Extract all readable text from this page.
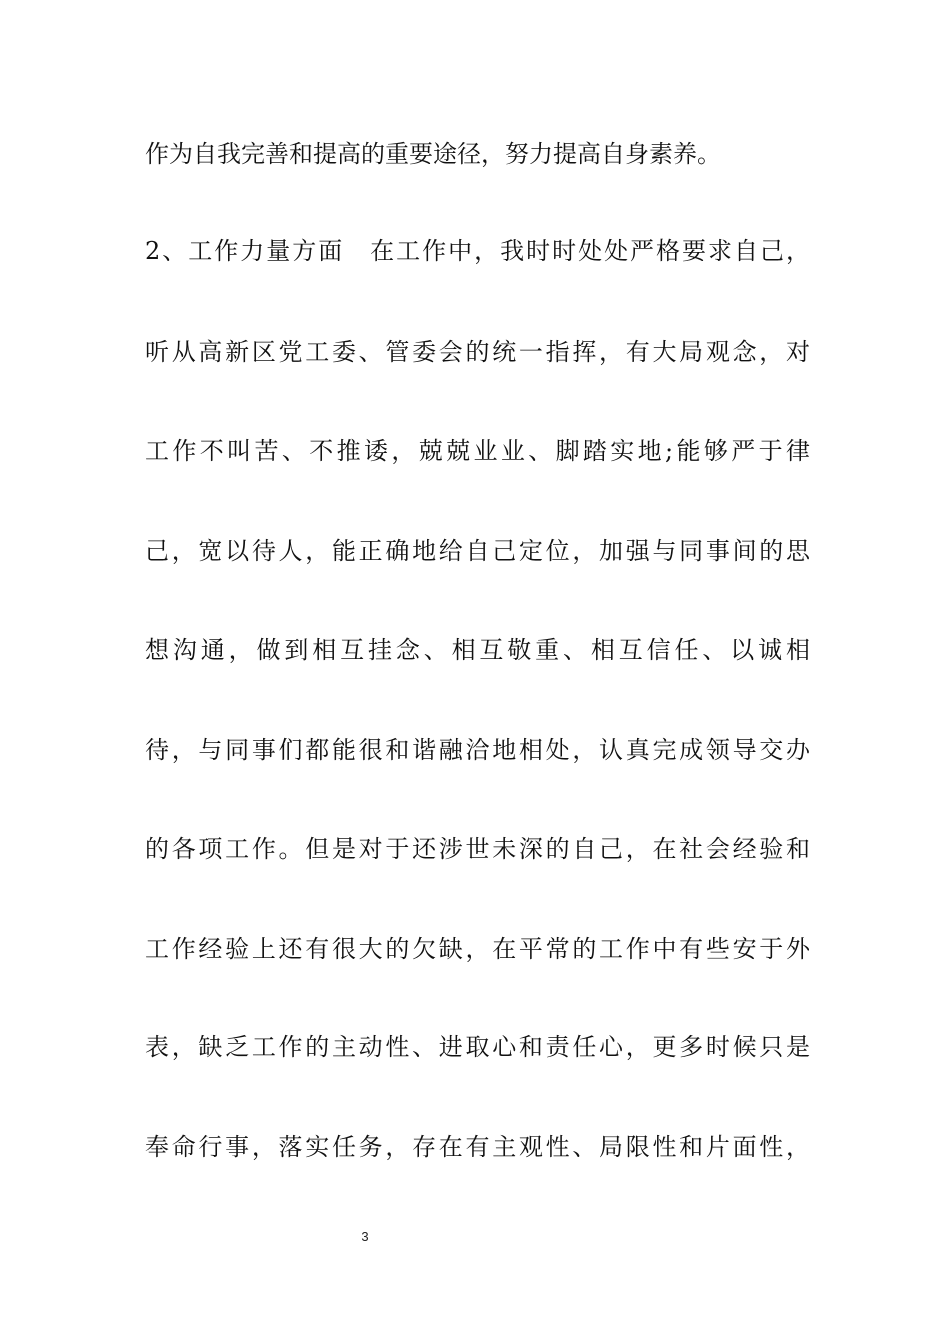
作为自我完善和提高的重要途径，努力提高自身素养。
2、工作力量方面　在工作中，我时时处处严格要求自己，
听从高新区党工委、管委会的统一指挥，有大局观念，对
工作不叫苦、不推诿，兢兢业业、脚踏实地;能够严于律
己，宽以待人，能正确地给自己定位，加强与同事间的思
想沟通，做到相互挂念、相互敬重、相互信任、以诚相
待，与同事们都能很和谐融洽地相处，认真完成领导交办
的各项工作。但是对于还涉世未深的自己，在社会经验和
工作经验上还有很大的欠缺，在平常的工作中有些安于外
表，缺乏工作的主动性、进取心和责任心，更多时候只是
奉命行事，落实任务，存在有主观性、局限性和片面性，
3
